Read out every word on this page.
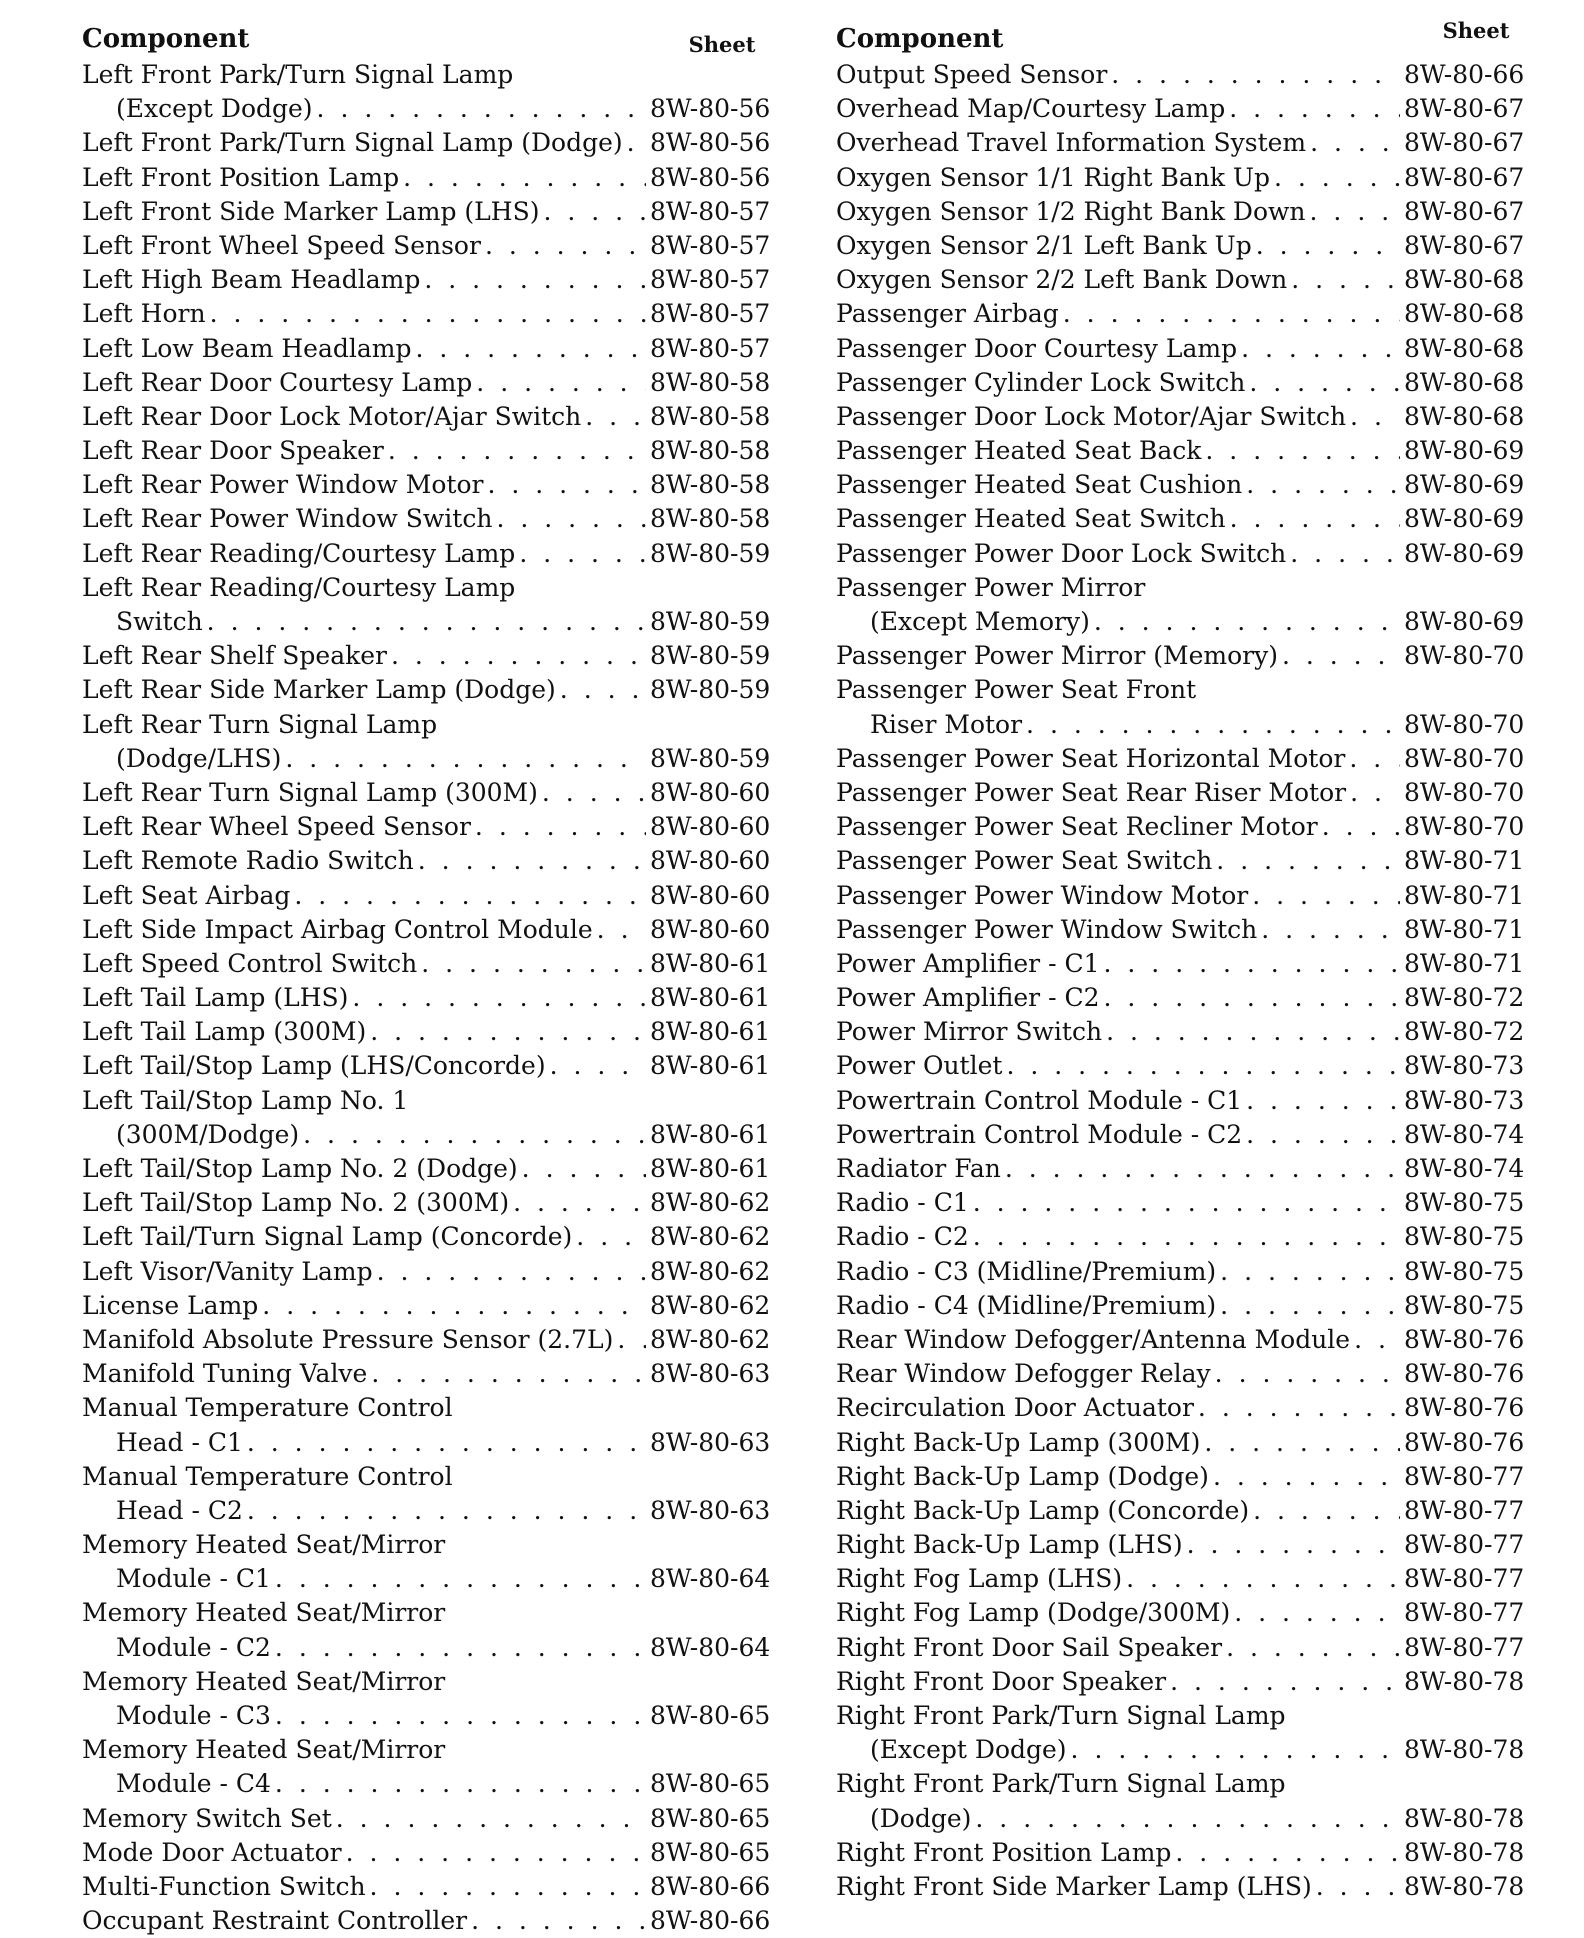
Component	Sheet
Left Front Park/Turn Signal Lamp
(Except Dodge) . . .	8W-80-56
Left Front Park/Turn Signal Lamp (Dodge) . . . 8W-80-56
Left Front Position Lamp . . .	8W-80-56
Left Front Side Marker Lamp (LHS) . . .	8W-80-57
Left Front Wheel Speed Sensor . . .	8W-80-57
Left High Beam Headlamp . . .	8W-80-57
Left Horn . . .	8W-80-57
Left Low Beam Headlamp . . .	8W-80-57
Left Rear Door Courtesy Lamp . . .	8W-80-58
Left Rear Door Lock Motor/Ajar Switch . . .	8W-80-58
Left Rear Door Speaker . . .	8W-80-58
Left Rear Power Window Motor . . .	8W-80-58
Left Rear Power Window Switch . . .	8W-80-58
Left Rear Reading/Courtesy Lamp . . .	8W-80-59
Left Rear Reading/Courtesy Lamp
Switch . . .	8W-80-59
Left Rear Shelf Speaker . . .	8W-80-59
Left Rear Side Marker Lamp (Dodge) . . .	8W-80-59
Left Rear Turn Signal Lamp
(Dodge/LHS) . . .	8W-80-59
Left Rear Turn Signal Lamp (300M) . . .	8W-80-60
Left Rear Wheel Speed Sensor . . .	8W-80-60
Left Remote Radio Switch . . .	8W-80-60
Left Seat Airbag . . .	8W-80-60
Left Side Impact Airbag Control Module . . . 8W-80-60
Left Speed Control Switch . . .	8W-80-61
Left Tail Lamp (LHS) . . .	8W-80-61
Left Tail Lamp (300M) . . .	8W-80-61
Left Tail/Stop Lamp (LHS/Concorde) . . .	8W-80-61
Left Tail/Stop Lamp No. 1
(300M/Dodge) . . .	8W-80-61
Left Tail/Stop Lamp No. 2 (Dodge) . . .	8W-80-61
Left Tail/Stop Lamp No. 2 (300M) . . .	8W-80-62
Left Tail/Turn Signal Lamp (Concorde) . . .	8W-80-62
Left Visor/Vanity Lamp . . .	8W-80-62
License Lamp . . .	8W-80-62
Manifold Absolute Pressure Sensor (2.7L) . . . 8W-80-62
Manifold Tuning Valve . . .	8W-80-63
Manual Temperature Control
Head - C1 . . .	8W-80-63
Manual Temperature Control
Head - C2 . . .	8W-80-63
Memory Heated Seat/Mirror
Module - C1 . . .	8W-80-64
Memory Heated Seat/Mirror
Module - C2 . . .	8W-80-64
Memory Heated Seat/Mirror
Module - C3 . . .	8W-80-65
Memory Heated Seat/Mirror
Module - C4 . . .	8W-80-65
Memory Switch Set . . .	8W-80-65
Mode Door Actuator . . .	8W-80-65
Multi-Function Switch . . .	8W-80-66
Occupant Restraint Controller . . .	8W-80-66
Component	Sheet
Output Speed Sensor . . .	8W-80-66
Overhead Map/Courtesy Lamp . . .	8W-80-67
Overhead Travel Information System . . .	8W-80-67
Oxygen Sensor 1/1 Right Bank Up . . .	8W-80-67
Oxygen Sensor 1/2 Right Bank Down . . .	8W-80-67
Oxygen Sensor 2/1 Left Bank Up . . .	8W-80-67
Oxygen Sensor 2/2 Left Bank Down . . .	8W-80-68
Passenger Airbag . . .	8W-80-68
Passenger Door Courtesy Lamp . . .	8W-80-68
Passenger Cylinder Lock Switch . . .	8W-80-68
Passenger Door Lock Motor/Ajar Switch . . . 8W-80-68
Passenger Heated Seat Back . . .	8W-80-69
Passenger Heated Seat Cushion . . .	8W-80-69
Passenger Heated Seat Switch . . .	8W-80-69
Passenger Power Door Lock Switch . . .	8W-80-69
Passenger Power Mirror
(Except Memory) . . .	8W-80-69
Passenger Power Mirror (Memory) . . .	8W-80-70
Passenger Power Seat Front
Riser Motor . . .	8W-80-70
Passenger Power Seat Horizontal Motor . . . 8W-80-70
Passenger Power Seat Rear Riser Motor . . . 8W-80-70
Passenger Power Seat Recliner Motor . . .	8W-80-70
Passenger Power Seat Switch . . .	8W-80-71
Passenger Power Window Motor . . .	8W-80-71
Passenger Power Window Switch . . .	8W-80-71
Power Amplifier - C1 . . .	8W-80-71
Power Amplifier - C2 . . .	8W-80-72
Power Mirror Switch . . .	8W-80-72
Power Outlet . . .	8W-80-73
Powertrain Control Module - C1 . . .	8W-80-73
Powertrain Control Module - C2 . . .	8W-80-74
Radiator Fan . . .	8W-80-74
Radio - C1 . . .	8W-80-75
Radio - C2 . . .	8W-80-75
Radio - C3 (Midline/Premium) . . .	8W-80-75
Radio - C4 (Midline/Premium) . . .	8W-80-75
Rear Window Defogger/Antenna Module . . . 8W-80-76
Rear Window Defogger Relay . . .	8W-80-76
Recirculation Door Actuator . . .	8W-80-76
Right Back-Up Lamp (300M) . . .	8W-80-76
Right Back-Up Lamp (Dodge) . . .	8W-80-77
Right Back-Up Lamp (Concorde) . . .	8W-80-77
Right Back-Up Lamp (LHS) . . .	8W-80-77
Right Fog Lamp (LHS) . . .	8W-80-77
Right Fog Lamp (Dodge/300M) . . .	8W-80-77
Right Front Door Sail Speaker . . .	8W-80-77
Right Front Door Speaker . . .	8W-80-78
Right Front Park/Turn Signal Lamp
(Except Dodge) . . .	8W-80-78
Right Front Park/Turn Signal Lamp
(Dodge) . . .	8W-80-78
Right Front Position Lamp . . .	8W-80-78
Right Front Side Marker Lamp (LHS) . . .	8W-80-78
